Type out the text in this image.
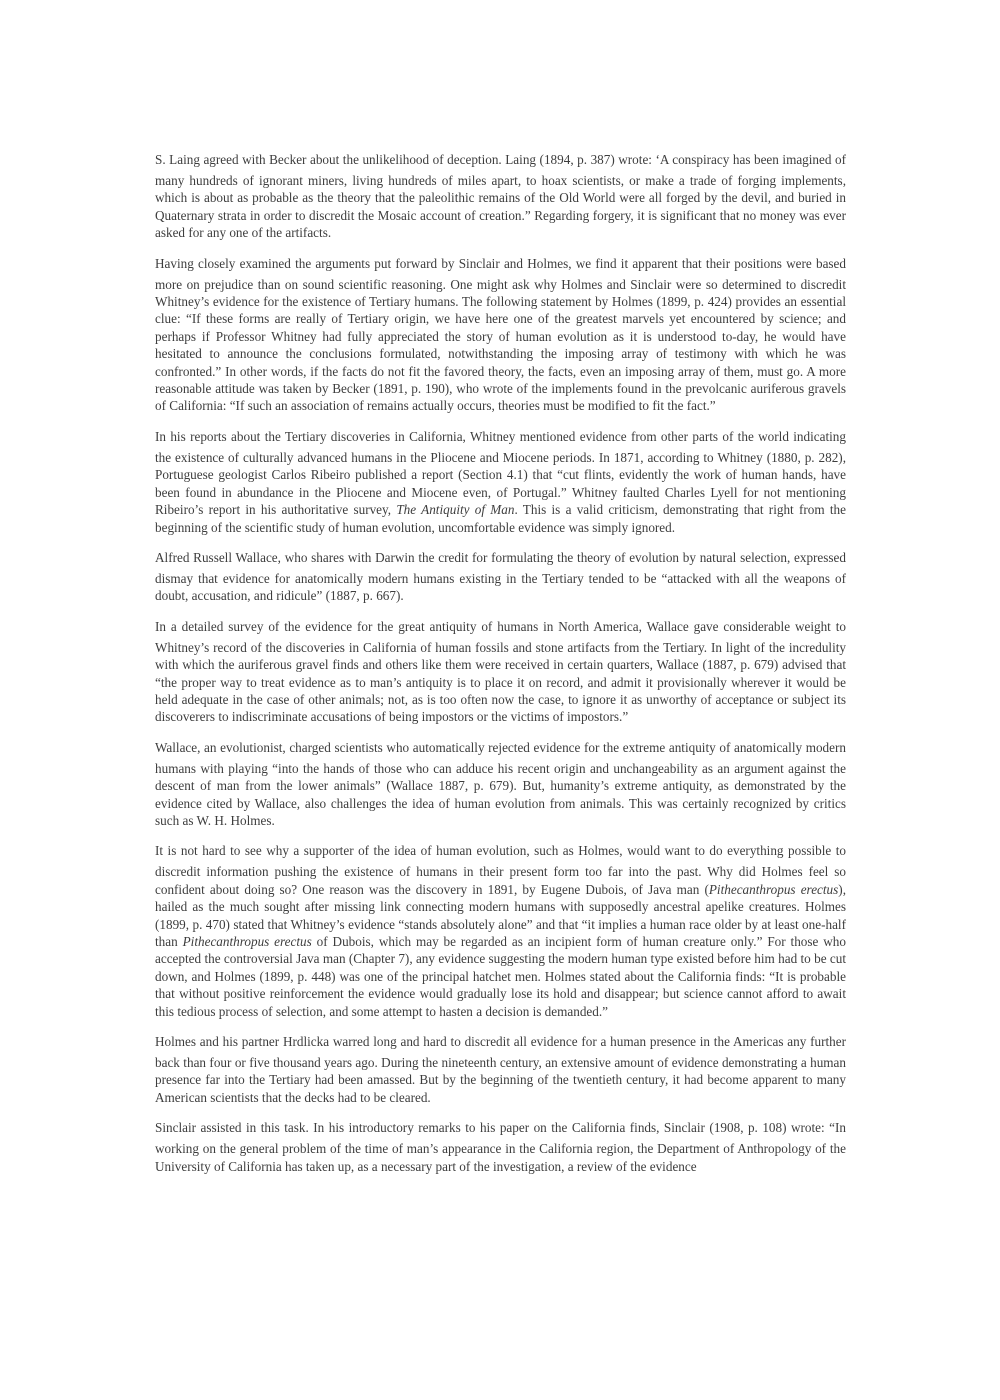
S. Laing agreed with Becker about the unlikelihood of deception. Laing (1894, p. 387) wrote: ‘A conspiracy has been imagined of many hundreds of ignorant miners, living hundreds of miles apart, to hoax scientists, or make a trade of forging implements, which is about as probable as the theory that the paleolithic remains of the Old World were all forged by the devil, and buried in Quaternary strata in order to discredit the Mosaic account of creation.” Regarding forgery, it is significant that no money was ever asked for any one of the artifacts.

Having closely examined the arguments put forward by Sinclair and Holmes, we find it apparent that their positions were based more on prejudice than on sound scientific reasoning. One might ask why Holmes and Sinclair were so determined to discredit Whitney’s evidence for the existence of Tertiary humans. The following statement by Holmes (1899, p. 424) provides an essential clue: “If these forms are really of Tertiary origin, we have here one of the greatest marvels yet encountered by science; and perhaps if Professor Whitney had fully appreciated the story of human evolution as it is understood to-day, he would have hesitated to announce the conclusions formulated, notwithstanding the imposing array of testimony with which he was confronted.” In other words, if the facts do not fit the favored theory, the facts, even an imposing array of them, must go. A more reasonable attitude was taken by Becker (1891, p. 190), who wrote of the implements found in the prevolcanic auriferous gravels of California: “If such an association of remains actually occurs, theories must be modified to fit the fact.”

In his reports about the Tertiary discoveries in California, Whitney mentioned evidence from other parts of the world indicating the existence of culturally advanced humans in the Pliocene and Miocene periods. In 1871, according to Whitney (1880, p. 282), Portuguese geologist Carlos Ribeiro published a report (Section 4.1) that “cut flints, evidently the work of human hands, have been found in abundance in the Pliocene and Miocene even, of Portugal.” Whitney faulted Charles Lyell for not mentioning Ribeiro’s report in his authoritative survey, The Antiquity of Man. This is a valid criticism, demonstrating that right from the beginning of the scientific study of human evolution, uncomfortable evidence was simply ignored.

Alfred Russell Wallace, who shares with Darwin the credit for formulating the theory of evolution by natural selection, expressed dismay that evidence for anatomically modern humans existing in the Tertiary tended to be “attacked with all the weapons of doubt, accusation, and ridicule” (1887, p. 667).

In a detailed survey of the evidence for the great antiquity of humans in North America, Wallace gave considerable weight to Whitney’s record of the discoveries in California of human fossils and stone artifacts from the Tertiary. In light of the incredulity with which the auriferous gravel finds and others like them were received in certain quarters, Wallace (1887, p. 679) advised that “the proper way to treat evidence as to man’s antiquity is to place it on record, and admit it provisionally wherever it would be held adequate in the case of other animals; not, as is too often now the case, to ignore it as unworthy of acceptance or subject its discoverers to indiscriminate accusations of being impostors or the victims of impostors.”

Wallace, an evolutionist, charged scientists who automatically rejected evidence for the extreme antiquity of anatomically modern humans with playing “into the hands of those who can adduce his recent origin and unchangeability as an argument against the descent of man from the lower animals” (Wallace 1887, p. 679). But, humanity’s extreme antiquity, as demonstrated by the evidence cited by Wallace, also challenges the idea of human evolution from animals. This was certainly recognized by critics such as W. H. Holmes.

It is not hard to see why a supporter of the idea of human evolution, such as Holmes, would want to do everything possible to discredit information pushing the existence of humans in their present form too far into the past. Why did Holmes feel so confident about doing so? One reason was the discovery in 1891, by Eugene Dubois, of Java man (Pithecanthropus erectus), hailed as the much sought after missing link connecting modern humans with supposedly ancestral apelike creatures. Holmes (1899, p. 470) stated that Whitney’s evidence “stands absolutely alone” and that “it implies a human race older by at least one-half than Pithecanthropus erectus of Dubois, which may be regarded as an incipient form of human creature only.” For those who accepted the controversial Java man (Chapter 7), any evidence suggesting the modern human type existed before him had to be cut down, and Holmes (1899, p. 448) was one of the principal hatchet men. Holmes stated about the California finds: “It is probable that without positive reinforcement the evidence would gradually lose its hold and disappear; but science cannot afford to await this tedious process of selection, and some attempt to hasten a decision is demanded.”

Holmes and his partner Hrdlicka warred long and hard to discredit all evidence for a human presence in the Americas any further back than four or five thousand years ago. During the nineteenth century, an extensive amount of evidence demonstrating a human presence far into the Tertiary had been amassed. But by the beginning of the twentieth century, it had become apparent to many American scientists that the decks had to be cleared.

Sinclair assisted in this task. In his introductory remarks to his paper on the California finds, Sinclair (1908, p. 108) wrote: “In working on the general problem of the time of man’s appearance in the California region, the Department of Anthropology of the University of California has taken up, as a necessary part of the investigation, a review of the evidence
